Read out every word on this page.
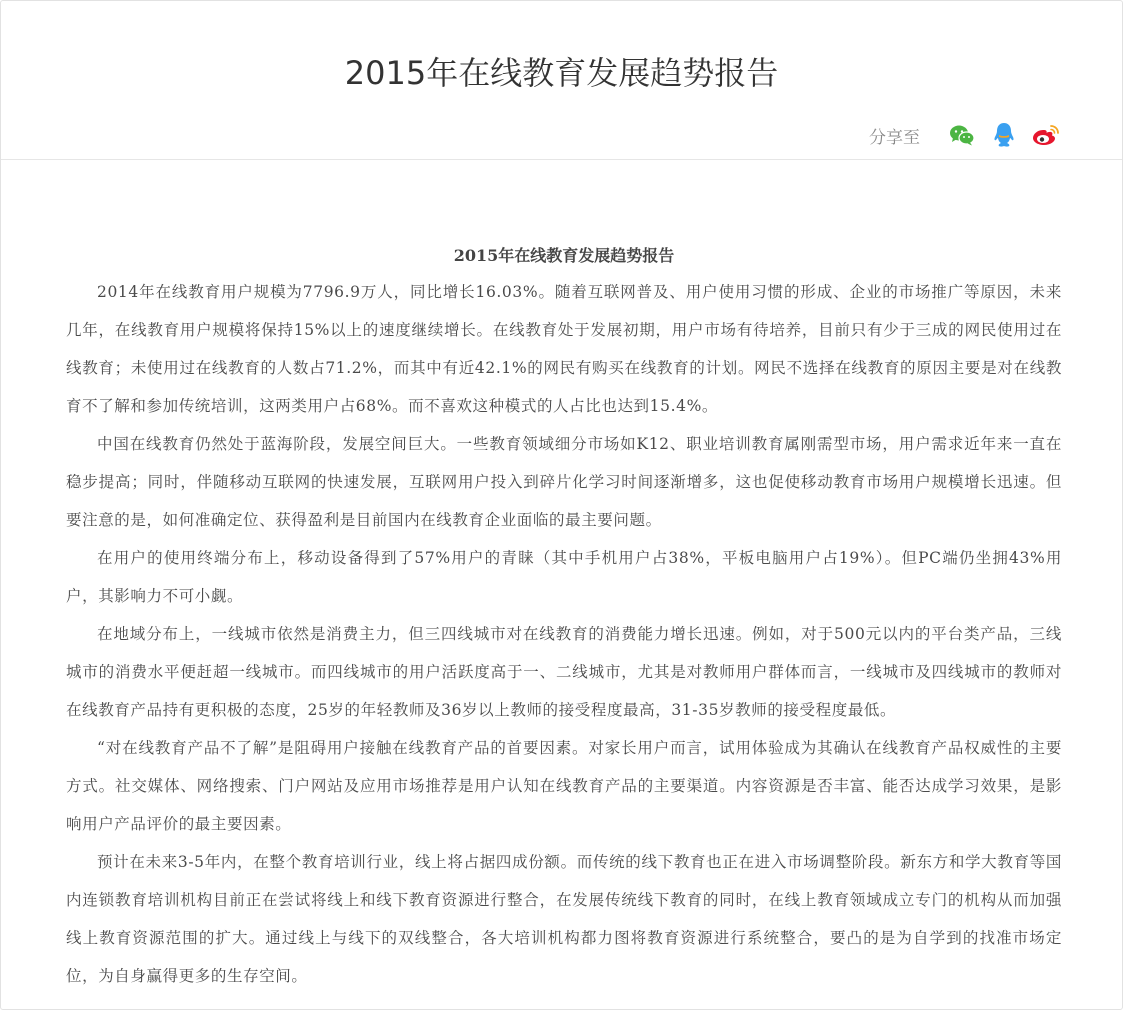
2015年在线教育发展趋势报告
分享至
2015年在线教育发展趋势报告

2014年在线教育用户规模为7796.9万人，同比增长16.03%。随着互联网普及、用户使用习惯的形成、企业的市场推广等原因，未来几年，在线教育用户规模将保持15%以上的速度继续增长。在线教育处于发展初期，用户市场有待培养，目前只有少于三成的网民使用过在线教育；未使用过在线教育的人数占71.2%，而其中有近42.1%的网民有购买在线教育的计划。网民不选择在线教育的原因主要是对在线教育不了解和参加传统培训，这两类用户占68%。而不喜欢这种模式的人占比也达到15.4%。

中国在线教育仍然处于蓝海阶段，发展空间巨大。一些教育领域细分市场如K12、职业培训教育属刚需型市场，用户需求近年来一直在稳步提高；同时，伴随移动互联网的快速发展，互联网用户投入到碎片化学习时间逐渐增多，这也促使移动教育市场用户规模增长迅速。但要注意的是，如何准确定位、获得盈利是目前国内在线教育企业面临的最主要问题。

在用户的使用终端分布上，移动设备得到了57%用户的青睐（其中手机用户占38%，平板电脑用户占19%）。但PC端仍坐拥43%用户，其影响力不可小觑。

在地域分布上，一线城市依然是消费主力，但三四线城市对在线教育的消费能力增长迅速。例如，对于500元以内的平台类产品，三线城市的消费水平便赶超一线城市。而四线城市的用户活跃度高于一、二线城市，尤其是对教师用户群体而言，一线城市及四线城市的教师对在线教育产品持有更积极的态度，25岁的年轻教师及36岁以上教师的接受程度最高，31-35岁教师的接受程度最低。

“对在线教育产品不了解”是阻碍用户接触在线教育产品的首要因素。对家长用户而言，试用体验成为其确认在线教育产品权威性的主要方式。社交媒体、网络搜索、门户网站及应用市场推荐是用户认知在线教育产品的主要渠道。内容资源是否丰富、能否达成学习效果，是影响用户产品评价的最主要因素。

预计在未来3-5年内，在整个教育培训行业，线上将占据四成份额。而传统的线下教育也正在进入市场调整阶段。新东方和学大教育等国内连锁教育培训机构目前正在尝试将线上和线下教育资源进行整合，在发展传统线下教育的同时，在线上教育领域成立专门的机构从而加强线上教育资源范围的扩大。通过线上与线下的双线整合，各大培训机构都力图将教育资源进行系统整合，要凸的是为自学到的找准市场定位，为自身赢得更多的生存空间。
